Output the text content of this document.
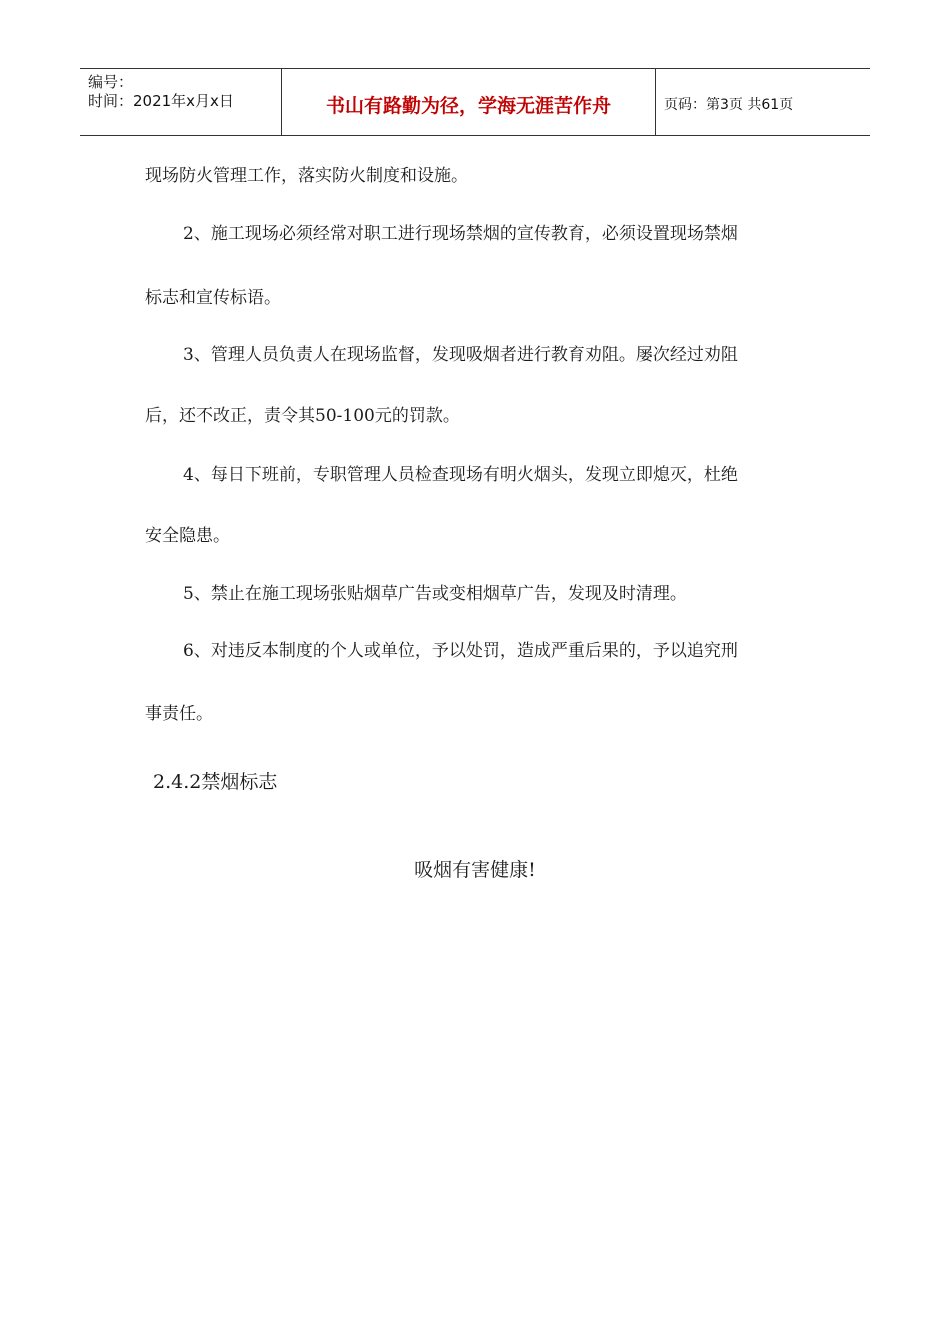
编号：
时间：2021年x月x日	书山有路勤为径，学海无涯苦作舟	页码：第3页 共61页
现场防火管理工作，落实防火制度和设施。
2、施工现场必须经常对职工进行现场禁烟的宣传教育，必须设置现场禁烟
标志和宣传标语。
3、管理人员负责人在现场监督，发现吸烟者进行教育劝阻。屡次经过劝阻
后，还不改正，责令其50-100元的罚款。
4、每日下班前，专职管理人员检查现场有明火烟头，发现立即熄灭，杜绝
安全隐患。
5、禁止在施工现场张贴烟草广告或变相烟草广告，发现及时清理。
6、对违反本制度的个人或单位，予以处罚，造成严重后果的，予以追究刑
事责任。
2.4.2禁烟标志
吸烟有害健康!
